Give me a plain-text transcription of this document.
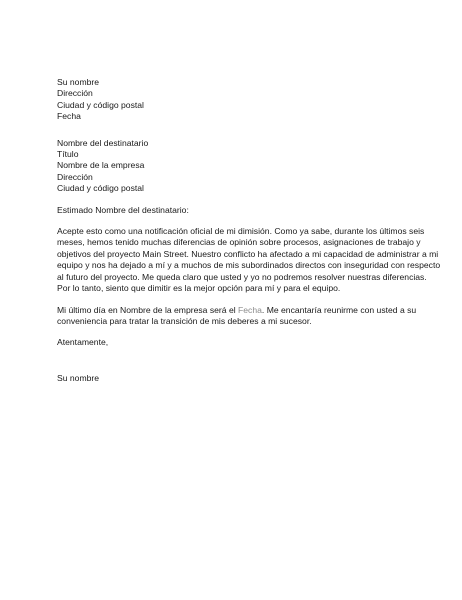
Su nombre
Dirección
Ciudad y código postal
Fecha
Nombre del destinatario
Título
Nombre de la empresa
Dirección
Ciudad y código postal
Estimado Nombre del destinatario:
Acepte esto como una notificación oficial de mi dimisión. Como ya sabe, durante los últimos seis
meses, hemos tenido muchas diferencias de opinión sobre procesos, asignaciones de trabajo y
objetivos del proyecto Main Street. Nuestro conflicto ha afectado a mi capacidad de administrar a mi
equipo y nos ha dejado a mí y a muchos de mis subordinados directos con inseguridad con respecto
al futuro del proyecto. Me queda claro que usted y yo no podremos resolver nuestras diferencias.
Por lo tanto, siento que dimitir es la mejor opción para mí y para el equipo.
Mi último día en Nombre de la empresa será el Fecha. Me encantaría reunirme con usted a su
conveniencia para tratar la transición de mis deberes a mi sucesor.
Atentamente,
Su nombre
